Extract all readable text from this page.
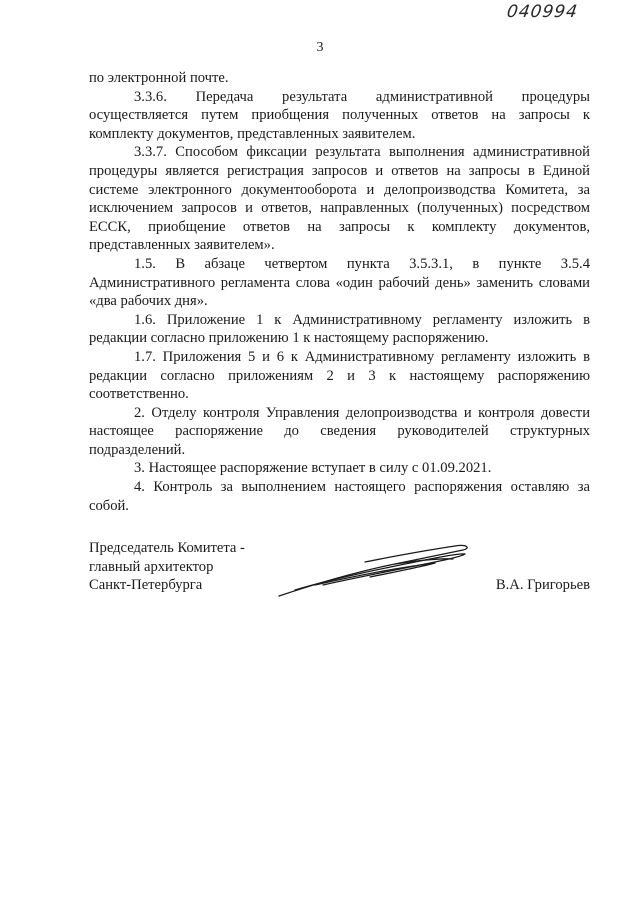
040994
3

по электронной почте.

3.3.6. Передача результата административной процедуры осуществляется путем приобщения полученных ответов на запросы к комплекту документов, представленных заявителем.

3.3.7. Способом фиксации результата выполнения административной процедуры является регистрация запросов и ответов на запросы в Единой системе электронного документооборота и делопроизводства Комитета, за исключением запросов и ответов, направленных (полученных) посредством ЕССК, приобщение ответов на запросы к комплекту документов, представленных заявителем».

1.5. В абзаце четвертом пункта 3.5.3.1, в пункте 3.5.4 Административного регламента слова «один рабочий день» заменить словами «два рабочих дня».

1.6. Приложение 1 к Административному регламенту изложить в редакции согласно приложению 1 к настоящему распоряжению.

1.7. Приложения 5 и 6 к Административному регламенту изложить в редакции согласно приложениям 2 и 3 к настоящему распоряжению соответственно.

2. Отделу контроля Управления делопроизводства и контроля довести настоящее распоряжение до сведения руководителей структурных подразделений.

3. Настоящее распоряжение вступает в силу с 01.09.2021.

4. Контроль за выполнением настоящего распоряжения оставляю за собой.

Председатель Комитета -
главный архитектор
Санкт-Петербурга	В.А. Григорьев
